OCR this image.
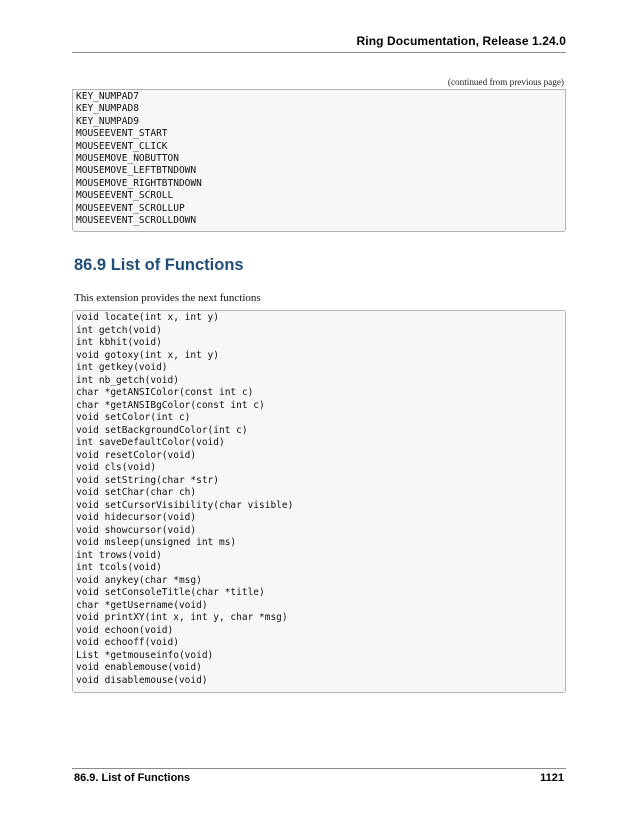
Ring Documentation, Release 1.24.0
(continued from previous page)
KEY_NUMPAD7
KEY_NUMPAD8
KEY_NUMPAD9
MOUSEEVENT_START
MOUSEEVENT_CLICK
MOUSEMOVE_NOBUTTON
MOUSEMOVE_LEFTBTNDOWN
MOUSEMOVE_RIGHTBTNDOWN
MOUSEEVENT_SCROLL
MOUSEEVENT_SCROLLUP
MOUSEEVENT_SCROLLDOWN
86.9 List of Functions
This extension provides the next functions
void locate(int x, int y)
int getch(void)
int kbhit(void)
void gotoxy(int x, int y)
int getkey(void)
int nb_getch(void)
char *getANSIColor(const int c)
char *getANSIBgColor(const int c)
void setColor(int c)
void setBackgroundColor(int c)
int saveDefaultColor(void)
void resetColor(void)
void cls(void)
void setString(char *str)
void setChar(char ch)
void setCursorVisibility(char visible)
void hidecursor(void)
void showcursor(void)
void msleep(unsigned int ms)
int trows(void)
int tcols(void)
void anykey(char *msg)
void setConsoleTitle(char *title)
char *getUsername(void)
void printXY(int x, int y, char *msg)
void echoon(void)
void echooff(void)
List *getmouseinfo(void)
void enablemouse(void)
void disablemouse(void)
86.9. List of Functions	1121
